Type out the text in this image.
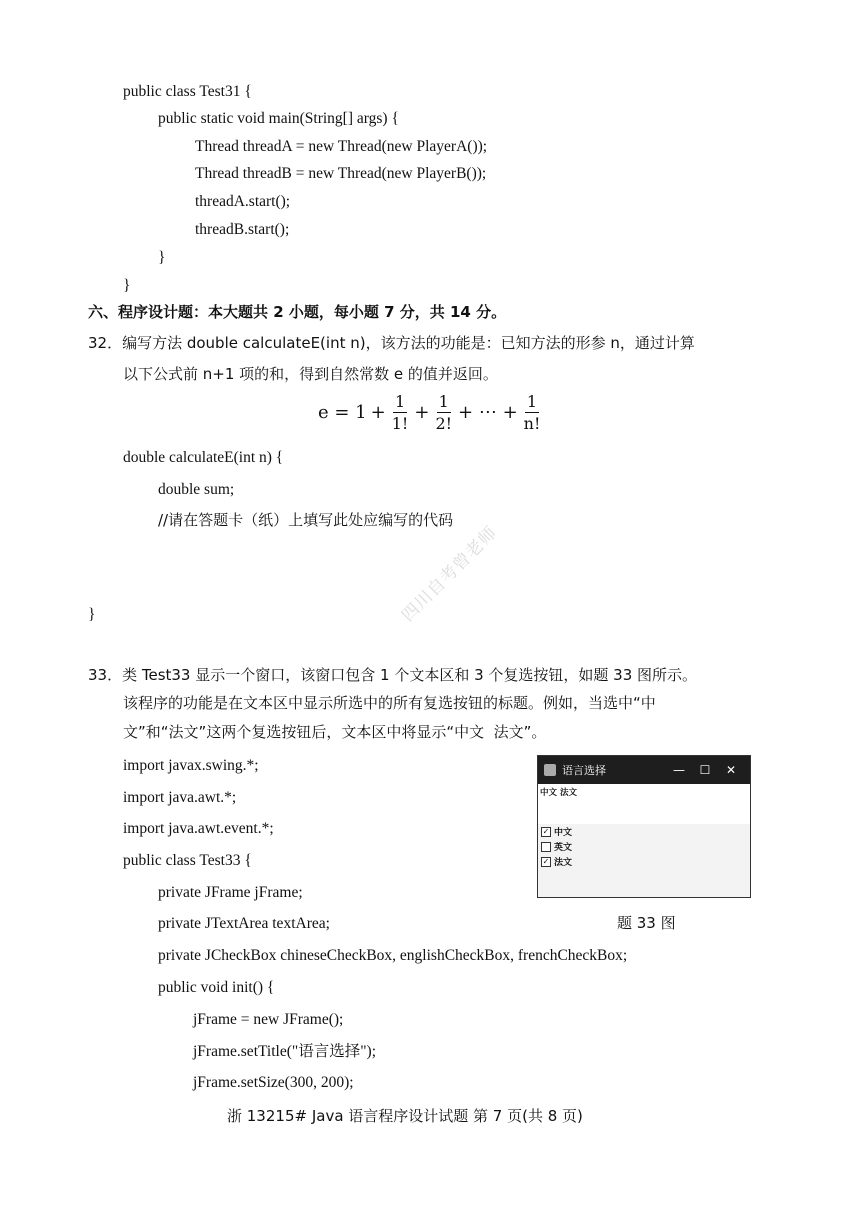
public class Test31 {
public static void main(String[] args) {
Thread threadA = new Thread(new PlayerA());
Thread threadB = new Thread(new PlayerB());
threadA.start();
threadB.start();
}
}
六、程序设计题：本大题共 2 小题，每小题 7 分，共 14 分。
32．编写方法 double calculateE(int n)，该方法的功能是：已知方法的形参 n，通过计算
以下公式前 n+1 项的和，得到自然常数 e 的值并返回。
$e = 1 + \frac{1}{1!} + \frac{1}{2!}$ + ⋯ + $\frac{1}{n!}$
double calculateE(int n) {
double sum;
//请在答题卡（纸）上填写此处应编写的代码
}	四川自考曾老师
33．类 Test33 显示一个窗口，该窗口包含 1 个文本区和 3 个复选按钮，如题 33 图所示。
该程序的功能是在文本区中显示所选中的所有复选按钮的标题。例如，当选中“中
文”和“法文”这两个复选按钮后，文本区中将显示“中文  法文”。
import javax.swing.*;
import java.awt.*;
import java.awt.event.*;
public class Test33 {
private JFrame jFrame;
private JTextArea textArea;
private JCheckBox chineseCheckBox, englishCheckBox, frenchCheckBox;
public void init() {
jFrame = new JFrame();
jFrame.setTitle("语言选择");
jFrame.setSize(300, 200);
语言选择	—	☐	✕
中文 法文
✓ 中文
英文
✓ 法文
题 33 图
浙 13215# Java 语言程序设计试题 第 7 页(共 8 页)
